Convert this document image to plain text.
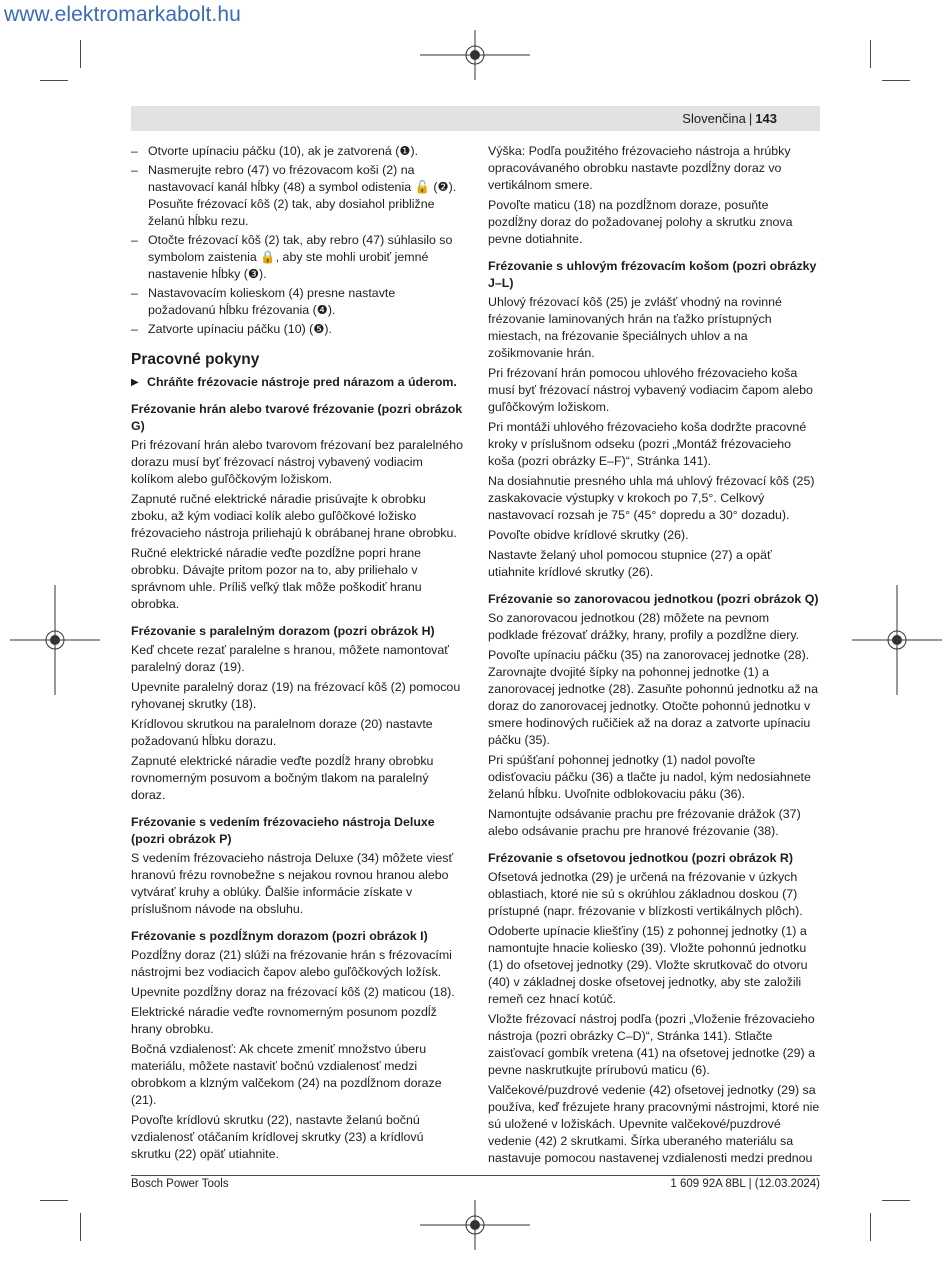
www.elektromarkabolt.hu
Slovenčina | 143

– Otvorte upínaciu páčku (10), ak je zatvorená (❶).

– Nasmerujte rebro (47) vo frézovacom koši (2) na nastavovací kanál hĺbky (48) a symbol odistenia 🔓 (❷). Posuňte frézovací kôš (2) tak, aby dosiahol približne želanú hĺbku rezu.

– Otočte frézovací kôš (2) tak, aby rebro (47) súhlasilo so symbolom zaistenia 🔒, aby ste mohli urobiť jemné nastavenie hĺbky (❸).

– Nastavovacím kolieskom (4) presne nastavte požadovanú hĺbku frézovania (❹).

– Zatvorte upínaciu páčku (10) (❺).

Pracovné pokyny

▶ Chráňte frézovacie nástroje pred nárazom a úderom.

Frézovanie hrán alebo tvarové frézovanie (pozri obrázok G)

Pri frézovaní hrán alebo tvarovom frézovaní bez paralelného dorazu musí byť frézovací nástroj vybavený vodiacim kolíkom alebo guľôčkovým ložiskom.

Zapnuté ručné elektrické náradie prisúvajte k obrobku zboku, až kým vodiaci kolík alebo guľôčkové ložisko frézovacieho nástroja priliehajú k obrábanej hrane obrobku.

Ručné elektrické náradie veďte pozdĺžne popri hrane obrobku. Dávajte pritom pozor na to, aby priliehalo v správnom uhle. Príliš veľký tlak môže poškodiť hranu obrobka.

Frézovanie s paralelným dorazom (pozri obrázok H)

Keď chcete rezať paralelne s hranou, môžete namontovať paralelný doraz (19).

Upevnite paralelný doraz (19) na frézovací kôš (2) pomocou ryhovanej skrutky (18).

Krídlovou skrutkou na paralelnom doraze (20) nastavte požadovanú hĺbku dorazu.

Zapnuté elektrické náradie veďte pozdĺž hrany obrobku rovnomerným posuvom a bočným tlakom na paralelný doraz.

Frézovanie s vedením frézovacieho nástroja Deluxe (pozri obrázok P)

S vedením frézovacieho nástroja Deluxe (34) môžete viesť hranovú frézu rovnobežne s nejakou rovnou hranou alebo vytvárať kruhy a oblúky. Ďalšie informácie získate v príslušnom návode na obsluhu.

Frézovanie s pozdĺžnym dorazom (pozri obrázok I)

Pozdĺžny doraz (21) slúži na frézovanie hrán s frézovacími nástrojmi bez vodiacich čapov alebo guľôčkových ložísk.

Upevnite pozdĺžny doraz na frézovací kôš (2) maticou (18).

Elektrické náradie veďte rovnomerným posunom pozdĺž hrany obrobku.

Bočná vzdialenosť: Ak chcete zmeniť množstvo úberu materiálu, môžete nastaviť bočnú vzdialenosť medzi obrobkom a klzným valčekom (24) na pozdĺžnom doraze (21).

Povoľte krídlovú skrutku (22), nastavte želanú bočnú vzdialenosť otáčaním krídlovej skrutky (23) a krídlovú skrutku (22) opäť utiahnite.

Výška: Podľa použitého frézovacieho nástroja a hrúbky opracovávaného obrobku nastavte pozdĺžny doraz vo vertikálnom smere.

Povoľte maticu (18) na pozdĺžnom doraze, posuňte pozdĺžny doraz do požadovanej polohy a skrutku znova pevne dotiahnite.

Frézovanie s uhlovým frézovacím košom (pozri obrázky J–L)

Uhlový frézovací kôš (25) je zvlášť vhodný na rovinné frézovanie laminovaných hrán na ťažko prístupných miestach, na frézovanie špeciálnych uhlov a na zošikmovanie hrán.

Pri frézovaní hrán pomocou uhlového frézovacieho koša musí byť frézovací nástroj vybavený vodiacim čapom alebo guľôčkovým ložiskom.

Pri montáži uhlového frézovacieho koša dodržte pracovné kroky v príslušnom odseku (pozri „Montáž frézovacieho koša (pozri obrázky E–F)“, Stránka 141).

Na dosiahnutie presného uhla má uhlový frézovací kôš (25) zaskakovacie výstupky v krokoch po 7,5°. Celkový nastavovací rozsah je 75° (45° dopredu a 30° dozadu).

Povoľte obidve krídlové skrutky (26).

Nastavte želaný uhol pomocou stupnice (27) a opäť utiahnite krídlové skrutky (26).

Frézovanie so zanorovacou jednotkou (pozri obrázok Q)

So zanorovacou jednotkou (28) môžete na pevnom podklade frézovať drážky, hrany, profily a pozdĺžne diery.

Povoľte upínaciu páčku (35) na zanorovacej jednotke (28). Zarovnajte dvojité šípky na pohonnej jednotke (1) a zanorovacej jednotke (28). Zasuňte pohonnú jednotku až na doraz do zanorovacej jednotky. Otočte pohonnú jednotku v smere hodinových ručičiek až na doraz a zatvorte upínaciu páčku (35).

Pri spúšťaní pohonnej jednotky (1) nadol povoľte odisťovaciu páčku (36) a tlačte ju nadol, kým nedosiahnete želanú hĺbku. Uvoľnite odblokovaciu páku (36).

Namontujte odsávanie prachu pre frézovanie drážok (37) alebo odsávanie prachu pre hranové frézovanie (38).

Frézovanie s ofsetovou jednotkou (pozri obrázok R)

Ofsetová jednotka (29) je určená na frézovanie v úzkych oblastiach, ktoré nie sú s okrúhlou základnou doskou (7) prístupné (napr. frézovanie v blízkosti vertikálnych plôch).

Odoberte upínacie kliešťiny (15) z pohonnej jednotky (1) a namontujte hnacie koliesko (39). Vložte pohonnú jednotku (1) do ofsetovej jednotky (29). Vložte skrutkovač do otvoru (40) v základnej doske ofsetovej jednotky, aby ste založili remeň cez hnací kotúč.

Vložte frézovací nástroj podľa (pozri „Vloženie frézovacieho nástroja (pozri obrázky C–D)“, Stránka 141). Stlačte zaisťovací gombík vretena (41) na ofsetovej jednotke (29) a pevne naskrutkujte prírubovú maticu (6).

Valčekové/puzdrové vedenie (42) ofsetovej jednotky (29) sa používa, keď frézujete hrany pracovnými nástrojmi, ktoré nie sú uložené v ložiskách. Upevnite valčekové/puzdrové vedenie (42) 2 skrutkami. Šírka uberaného materiálu sa nastavuje pomocou nastavenej vzdialenosti medzi prednou

Bosch Power Tools	1 609 92A 8BL | (12.03.2024)
